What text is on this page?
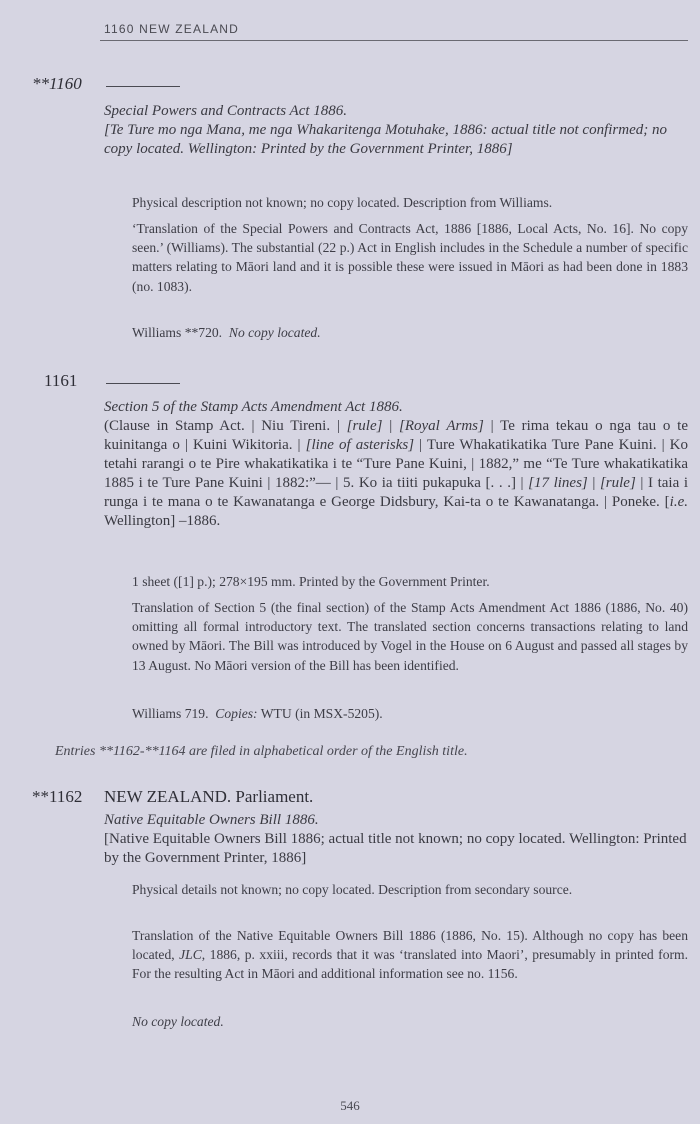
1160 NEW ZEALAND
**1160
Special Powers and Contracts Act 1886.
[Te Ture mo nga Mana, me nga Whakaritenga Motuhake, 1886: actual title not confirmed; no copy located. Wellington: Printed by the Government Printer, 1886]
Physical description not known; no copy located. Description from Williams.
‘Translation of the Special Powers and Contracts Act, 1886 [1886, Local Acts, No. 16]. No copy seen.’ (Williams). The substantial (22 p.) Act in English includes in the Schedule a number of specific matters relating to Māori land and it is possible these were issued in Māori as had been done in 1883 (no. 1083).
Williams **720. No copy located.
1161
Section 5 of the Stamp Acts Amendment Act 1886.
(Clause in Stamp Act. | Niu Tireni. | [rule] | [Royal Arms] | Te rima tekau o nga tau o te kuinitanga o | Kuini Wikitoria. | [line of asterisks] | Ture Whakatikatika Ture Pane Kuini. | Ko tetahi rarangi o te Pire whakatikatika i te “Ture Pane Kuini, | 1882,” me “Te Ture whakatikatika 1885 i te Ture Pane Kuini | 1882:”— | 5. Ko ia tiiti pukapuka [. . .] | [17 lines] | [rule] | I taia i runga i te mana o te Kawanatanga e George Didsbury, Kai-ta o te Kawanatanga. | Poneke. [i.e. Wellington] –1886.
1 sheet ([1] p.); 278×195 mm. Printed by the Government Printer.
Translation of Section 5 (the final section) of the Stamp Acts Amendment Act 1886 (1886, No. 40) omitting all formal introductory text. The translated section concerns transactions relating to land owned by Māori. The Bill was introduced by Vogel in the House on 6 August and passed all stages by 13 August. No Māori version of the Bill has been identified.
Williams 719. Copies: WTU (in MSX-5205).
Entries **1162-**1164 are filed in alphabetical order of the English title.
**1162 NEW ZEALAND. Parliament.
Native Equitable Owners Bill 1886.
[Native Equitable Owners Bill 1886; actual title not known; no copy located. Wellington: Printed by the Government Printer, 1886]
Physical details not known; no copy located. Description from secondary source.
Translation of the Native Equitable Owners Bill 1886 (1886, No. 15). Although no copy has been located, JLC, 1886, p. xxiii, records that it was ‘translated into Maori’, presumably in printed form. For the resulting Act in Māori and additional information see no. 1156.
No copy located.
546
